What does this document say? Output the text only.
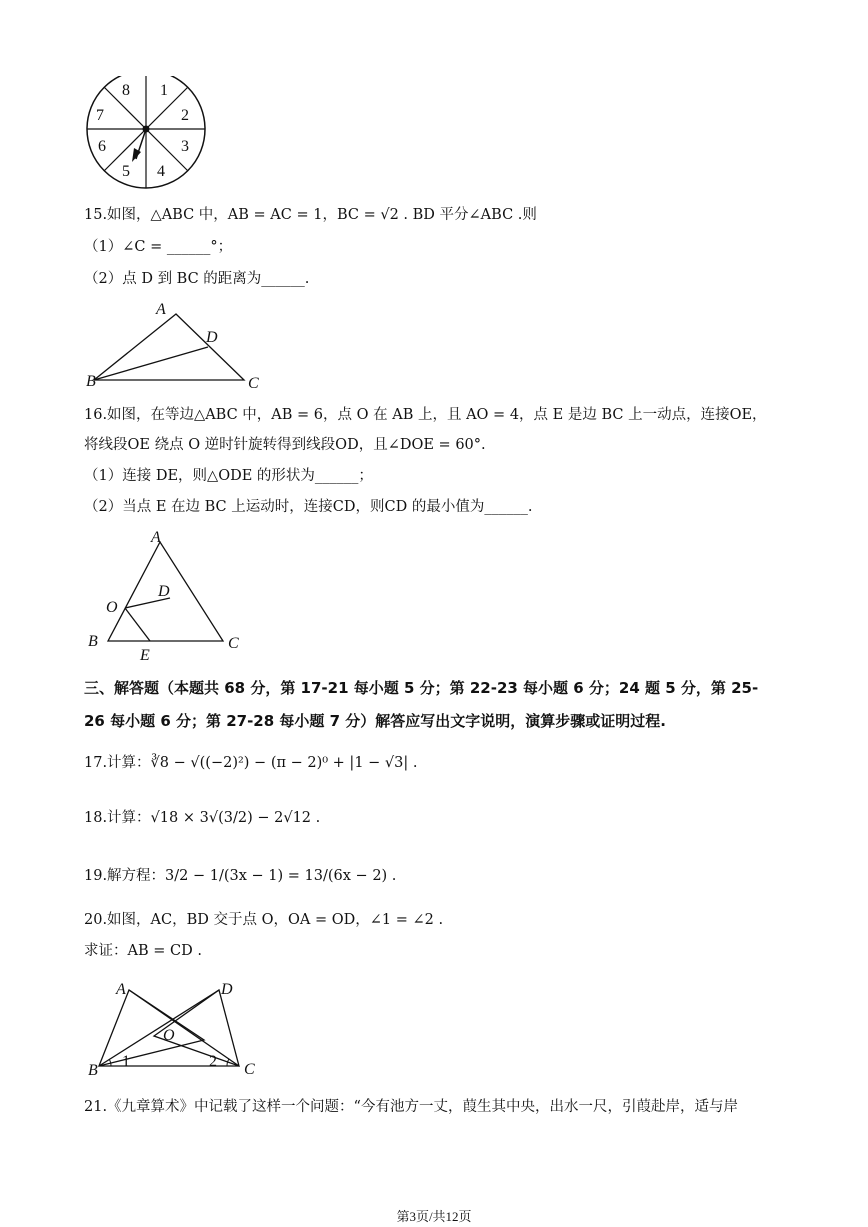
1
2
3
4
5
6
7
8
15.如图，△ABC 中，AB = AC = 1，BC = √2 . BD 平分∠ABC .则
（1）∠C = ______°；
（2）点 D 到 BC 的距离为______.
A
D
B	C
16.如图，在等边△ABC 中，AB = 6，点 O 在 AB 上，且 AO = 4，点 E 是边 BC 上一动点，连接OE，
将线段OE 绕点 O 逆时针旋转得到线段OD，且∠DOE = 60°.
（1）连接 DE，则△ODE 的形状为______；
（2）当点 E 在边 BC 上运动时，连接CD，则CD 的最小值为______.
A
D
O
B	C
E
三、解答题（本题共 68 分，第 17-21 每小题 5 分；第 22-23 每小题 6 分；24 题 5 分，第 25-
26 每小题 6 分；第 27-28 每小题 7 分）解答应写出文字说明，演算步骤或证明过程.
17.计算：∛8 − √((−2)²) − (π − 2)⁰ + |1 − √3| .
18.计算：√18 × 3√(3/2) − 2√12 .
19.解方程：3/2 − 1/(3x − 1) = 13/(6x − 2) .
20.如图，AC，BD 交于点 O，OA = OD，∠1 = ∠2 .
求证：AB = CD .
A	D
O
1	2
B	C
21.《九章算术》中记载了这样一个问题：“今有池方一丈，葭生其中央，出水一尺，引葭赴岸，适与岸
第3页/共12页
